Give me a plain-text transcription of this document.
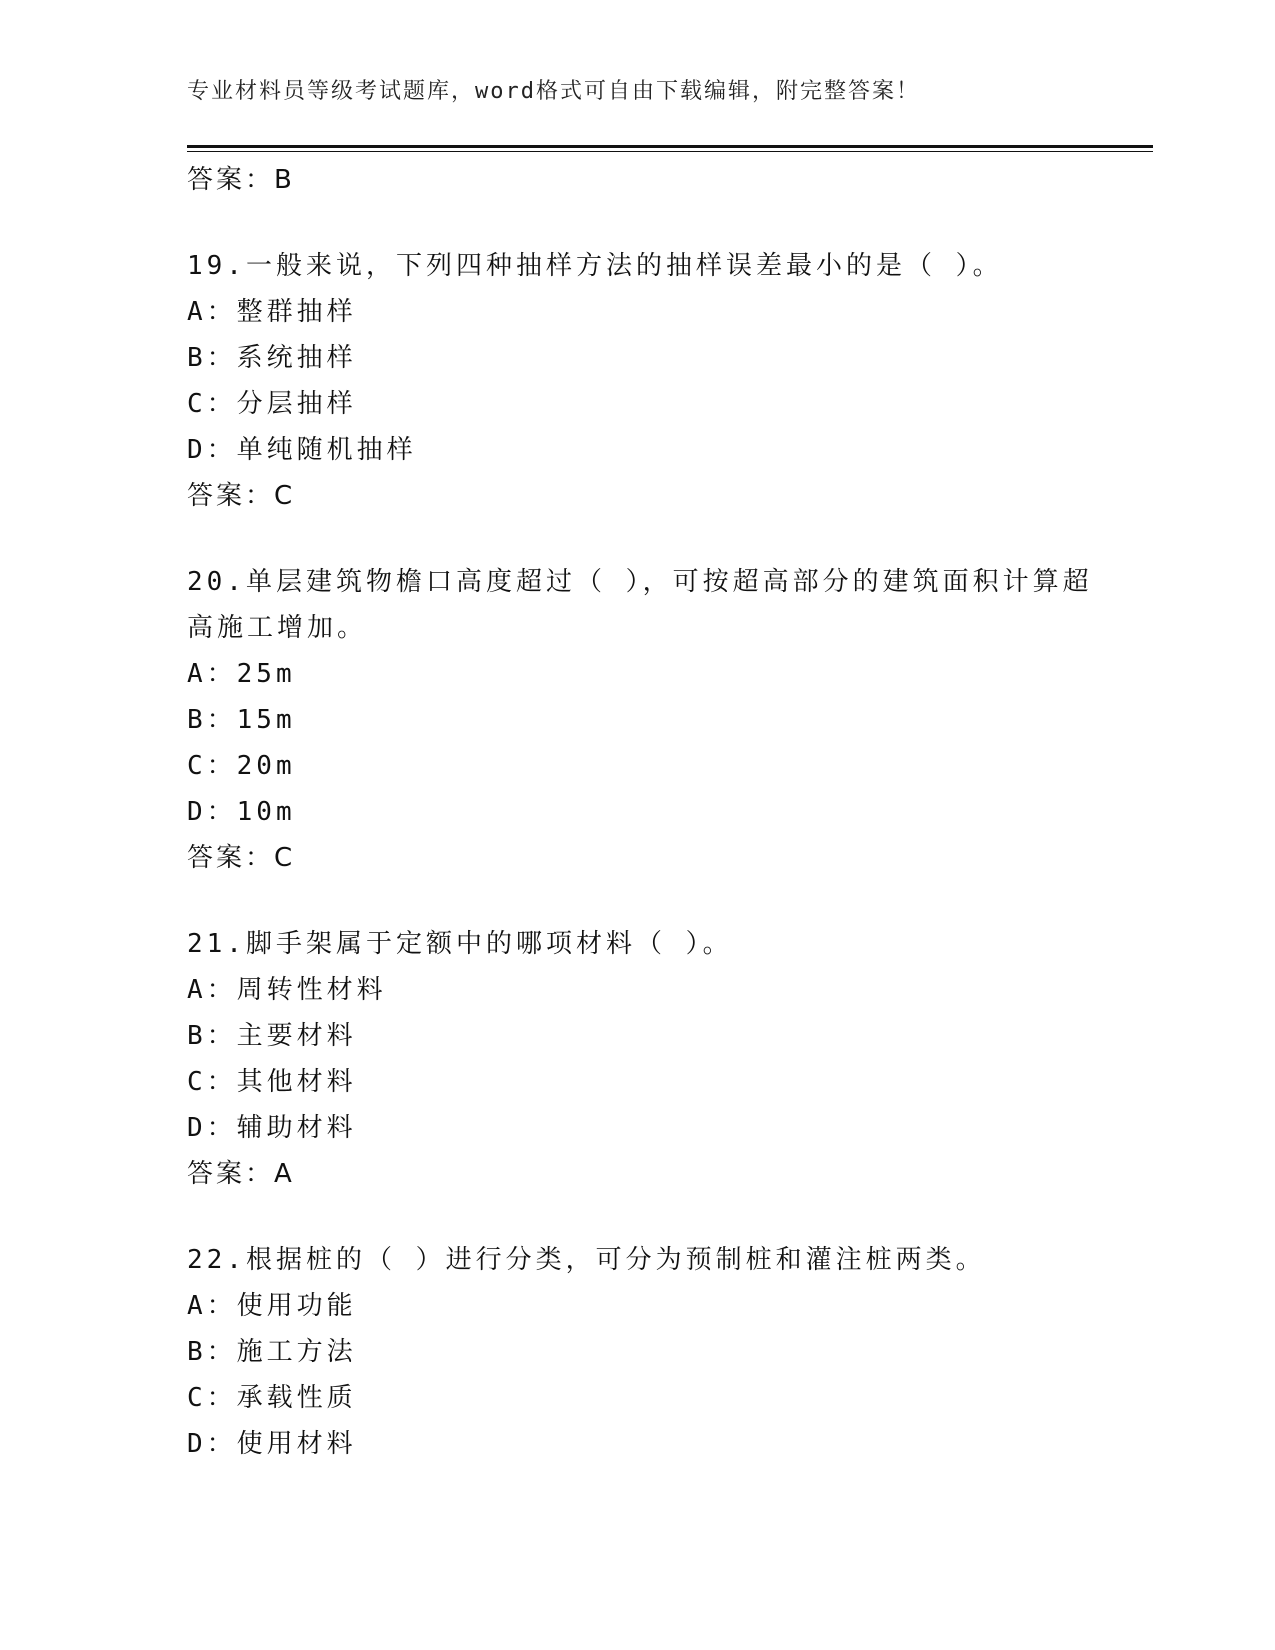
专业材料员等级考试题库，word格式可自由下载编辑，附完整答案！
答案：B
19.一般来说，下列四种抽样方法的抽样误差最小的是（ ）。
A：整群抽样
B：系统抽样
C：分层抽样
D：单纯随机抽样
答案：C
20.单层建筑物檐口高度超过（ ），可按超高部分的建筑面积计算超
高施工增加。
A：25m
B：15m
C：20m
D：10m
答案：C
21.脚手架属于定额中的哪项材料（ ）。
A：周转性材料
B：主要材料
C：其他材料
D：辅助材料
答案：A
22.根据桩的（ ）进行分类，可分为预制桩和灌注桩两类。
A：使用功能
B：施工方法
C：承载性质
D：使用材料
